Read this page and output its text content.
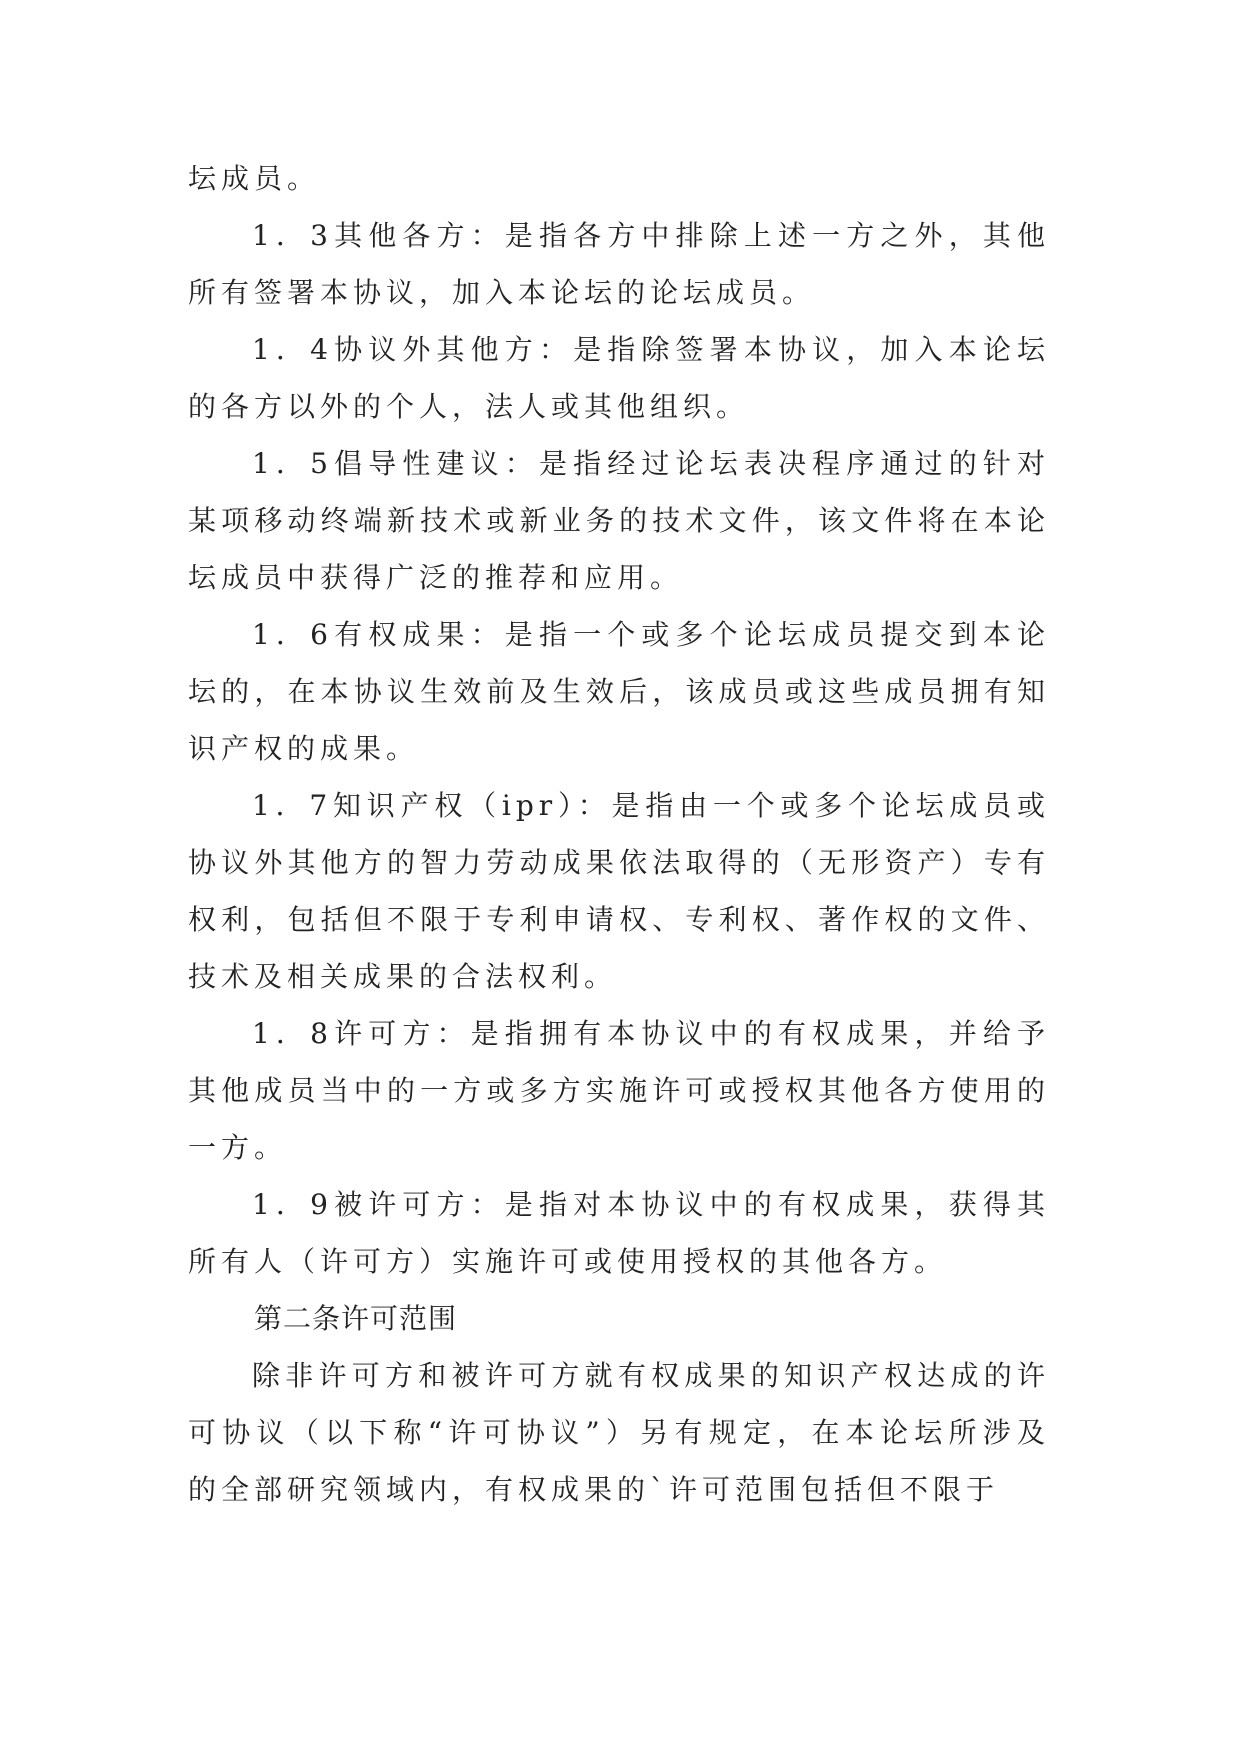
坛成员。

1．3其他各方：是指各方中排除上述一方之外，其他所有签署本协议，加入本论坛的论坛成员。

1．4协议外其他方：是指除签署本协议，加入本论坛的各方以外的个人，法人或其他组织。

1．5倡导性建议：是指经过论坛表决程序通过的针对某项移动终端新技术或新业务的技术文件，该文件将在本论坛成员中获得广泛的推荐和应用。

1．6有权成果：是指一个或多个论坛成员提交到本论坛的，在本协议生效前及生效后，该成员或这些成员拥有知识产权的成果。

1．7知识产权（ipr）：是指由一个或多个论坛成员或协议外其他方的智力劳动成果依法取得的（无形资产）专有权利，包括但不限于专利申请权、专利权、著作权的文件、技术及相关成果的合法权利。

1．8许可方：是指拥有本协议中的有权成果，并给予其他成员当中的一方或多方实施许可或授权其他各方使用的一方。

1．9被许可方：是指对本协议中的有权成果，获得其所有人（许可方）实施许可或使用授权的其他各方。

第二条许可范围

除非许可方和被许可方就有权成果的知识产权达成的许可协议（以下称“许可协议”）另有规定，在本论坛所涉及的全部研究领域内，有权成果的`许可范围包括但不限于
